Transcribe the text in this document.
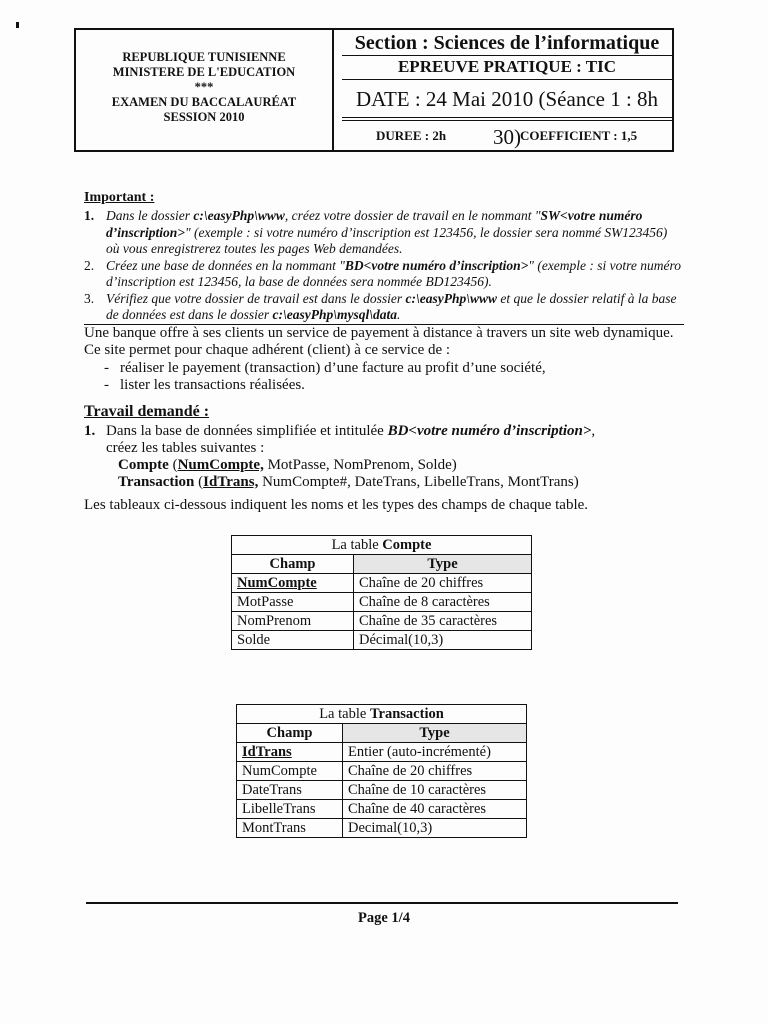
REPUBLIQUE TUNISIENNE
MINISTERE DE L'EDUCATION
***
EXAMEN DU BACCALAURÉAT
SESSION 2010
Section : Sciences de l’informatique
EPREUVE PRATIQUE : TIC
DATE : 24 Mai 2010 (Séance 1 : 8h 30)
DUREE : 2h	COEFFICIENT : 1,5

Important :

1. Dans le dossier c:\easyPhp\www, créez votre dossier de travail en le nommant "SW<votre numéro d’inscription>" (exemple : si votre numéro d’inscription est 123456, le dossier sera nommé SW123456) où vous enregistrerez toutes les pages Web demandées.
2. Créez une base de données en la nommant "BD<votre numéro d’inscription>" (exemple : si votre numéro d’inscription est 123456, la base de données sera nommée BD123456).
3. Vérifiez que votre dossier de travail est dans le dossier c:\easyPhp\www et que le dossier relatif à la base de données est dans le dossier c:\easyPhp\mysql\data.

Une banque offre à ses clients un service de payement à distance à travers un site web dynamique. Ce site permet pour chaque adhérent (client) à ce service de :

- réaliser le payement (transaction) d’une facture au profit d’une société,
- lister les transactions réalisées.

Travail demandé :

1. Dans la base de données simplifiée et intitulée BD<votre numéro d’inscription>,
créez les tables suivantes :
Compte (NumCompte, MotPasse, NomPrenom, Solde)
Transaction (IdTrans, NumCompte#, DateTrans, LibelleTrans, MontTrans)

Les tableaux ci-dessous indiquent les noms et les types des champs de chaque table.

La table Compte	
Champ	Type
NumCompte	Chaîne de 20 chiffres
MotPasse	Chaîne de 8 caractères
NomPrenom	Chaîne de 35 caractères
Solde	Décimal(10,3)
La table Transaction	
Champ	Type
IdTrans	Entier (auto-incrémenté)
NumCompte	Chaîne de 20 chiffres
DateTrans	Chaîne de 10 caractères
LibelleTrans	Chaîne de 40 caractères
MontTrans	Decimal(10,3)
Page 1/4
